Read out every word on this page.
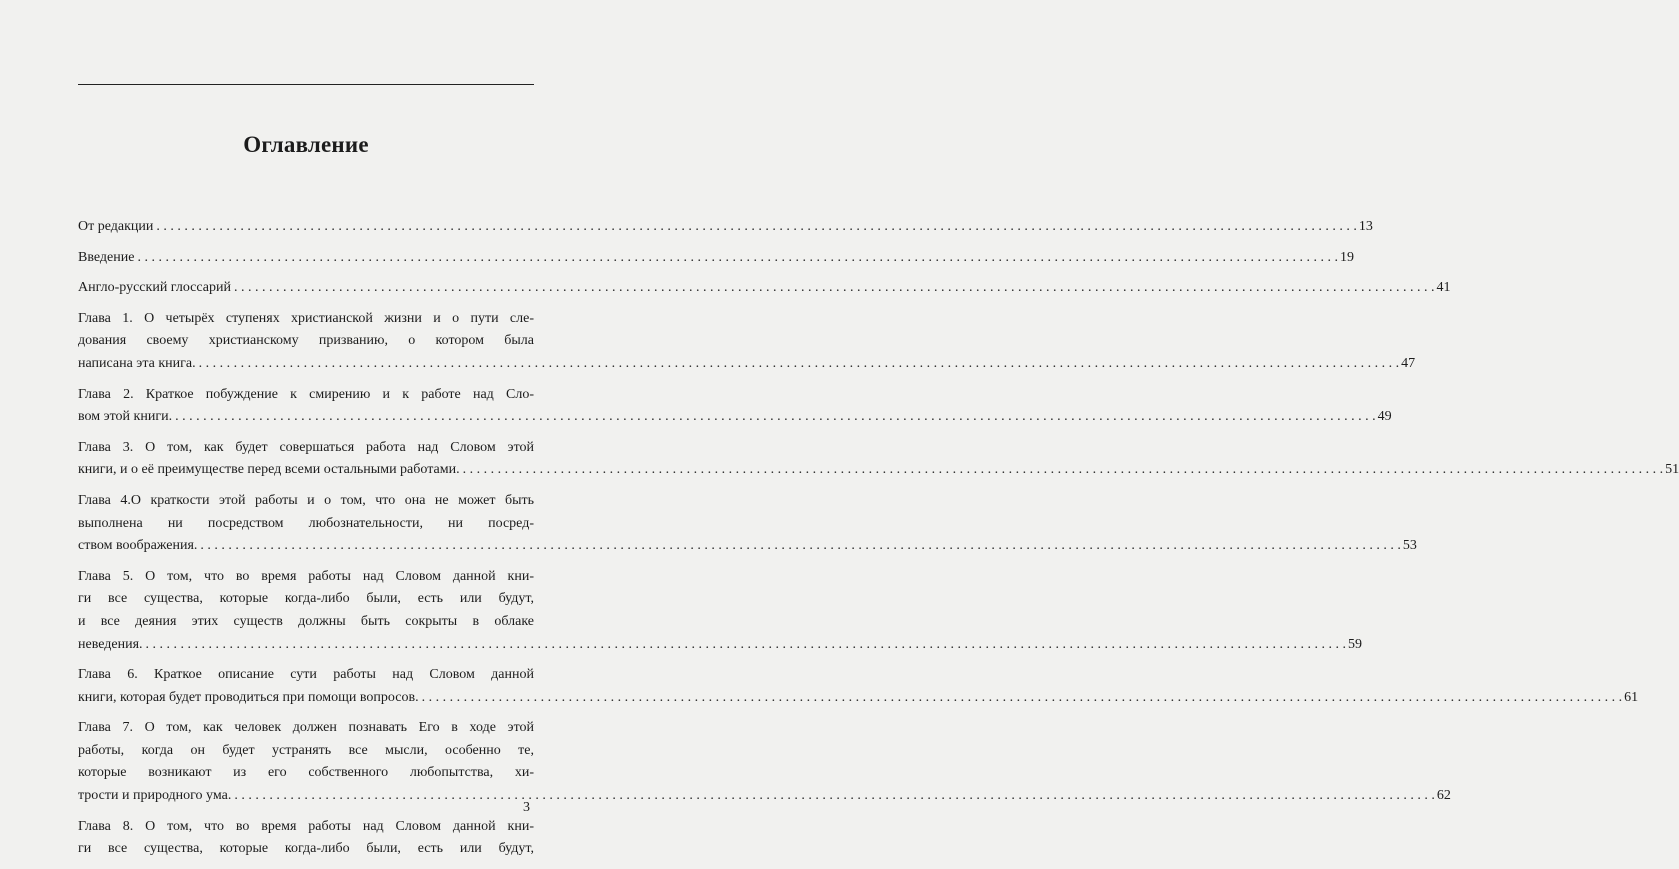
Оглавление
От редакции . . .	13
Введение . . .	19
Англо-русский глоссарий . . .	41
Глава 1. О четырёх ступенях христианской жизни и о пути сле-
дования своему христианскому призванию, о котором была
написана эта книга. . . .	47
Глава 2. Краткое побуждение к смирению и к работе над Сло-
вом этой книги. . . .	49
Глава 3. О том, как будет совершаться работа над Словом этой
книги, и о её преимуществе перед всеми остальными работами. . . .	51
Глава 4.О краткости этой работы и о том, что она не может быть
выполнена ни посредством любознательности, ни посред-
ством воображения. . . .	53
Глава 5. О том, что во время работы над Словом данной кни-
ги все существа, которые когда-либо были, есть или будут,
и все деяния этих существ должны быть сокрыты в облаке
неведения. . . .	59
Глава 6. Краткое описание сути работы над Словом данной
книги, которая будет проводиться при помощи вопросов. . . .	61
Глава 7. О том, как человек должен познавать Его в ходе этой
работы, когда он будет устранять все мысли, особенно те,
которые возникают из его собственного любопытства, хи-
трости и природного ума. . . .	62
Глава 8. О том, что во время работы над Словом данной кни-
ги все существа, которые когда-либо были, есть или будут,
3
